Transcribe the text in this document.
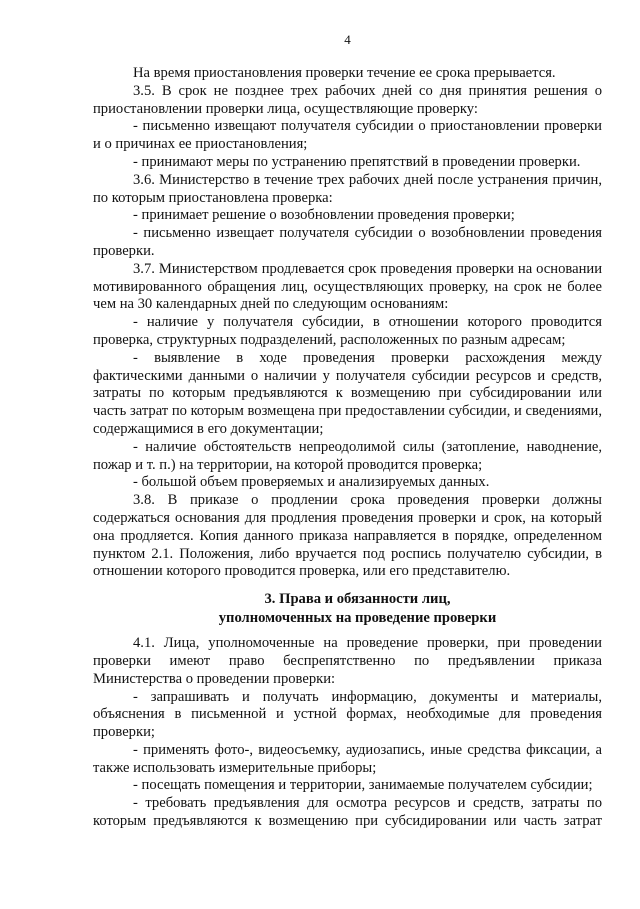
4

На время приостановления проверки течение ее срока прерывается.

3.5. В срок не позднее трех рабочих дней со дня принятия решения о приостановлении проверки лица, осуществляющие проверку:

- письменно извещают получателя субсидии о приостановлении проверки и о причинах ее приостановления;

- принимают меры по устранению препятствий в проведении проверки.

3.6. Министерство в течение трех рабочих дней после устранения причин, по которым приостановлена проверка:

- принимает решение о возобновлении проведения проверки;

- письменно извещает получателя субсидии о возобновлении проведения проверки.

3.7. Министерством продлевается срок проведения проверки на основании мотивированного обращения лиц, осуществляющих проверку, на срок не более чем на 30 календарных дней по следующим основаниям:

- наличие у получателя субсидии, в отношении которого проводится проверка, структурных подразделений, расположенных по разным адресам;

- выявление в ходе проведения проверки расхождения между фактическими данными о наличии у получателя субсидии ресурсов и средств, затраты по которым предъявляются к возмещению при субсидировании или часть затрат по которым возмещена при предоставлении субсидии, и сведениями, содержащимися в его документации;

- наличие обстоятельств непреодолимой силы (затопление, наводнение, пожар и т. п.) на территории, на которой проводится проверка;

- большой объем проверяемых и анализируемых данных.

3.8. В приказе о продлении срока проведения проверки должны содержаться основания для продления проведения проверки и срок, на который она продляется. Копия данного приказа направляется в порядке, определенном пунктом 2.1. Положения, либо вручается под роспись получателю субсидии, в отношении которого проводится проверка, или его представителю.

3. Права и обязанности лиц,
уполномоченных на проведение проверки

4.1. Лица, уполномоченные на проведение проверки, при проведении проверки имеют право беспрепятственно по предъявлении приказа Министерства о проведении проверки:

- запрашивать и получать информацию, документы и материалы, объяснения в письменной и устной формах, необходимые для проведения проверки;

- применять фото-, видеосъемку, аудиозапись, иные средства фиксации, а также использовать измерительные приборы;

- посещать помещения и территории, занимаемые получателем субсидии;

- требовать предъявления для осмотра ресурсов и средств, затраты по которым предъявляются к возмещению при субсидировании или часть затрат
